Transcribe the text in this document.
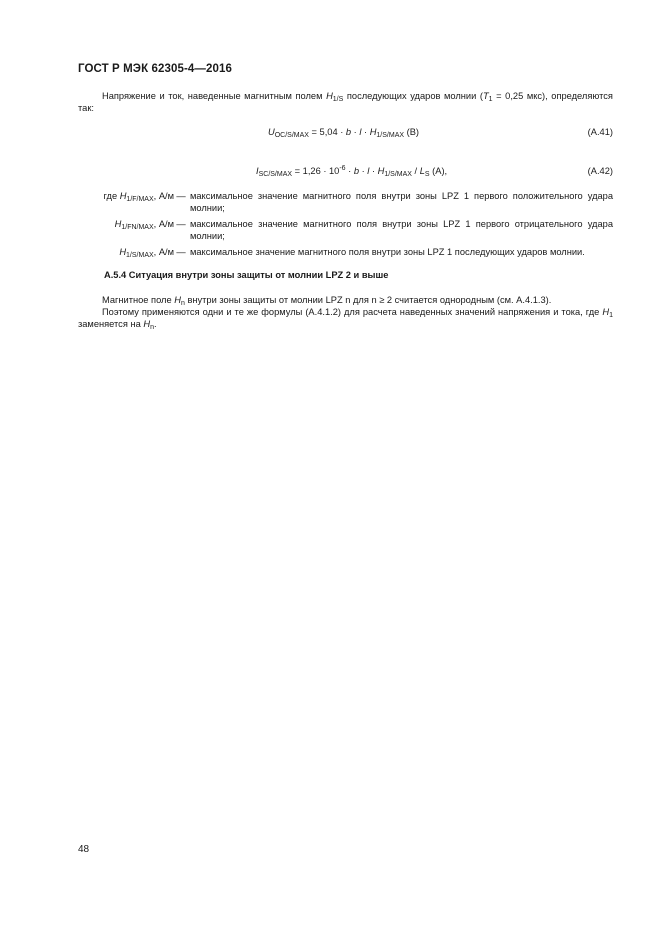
ГОСТ Р МЭК 62305-4—2016
Напряжение и ток, наведенные магнитным полем $H_{1/S}$ последующих ударов молнии ($T_1 = 0,25$ мкс), определяются так:
$U_{OC/S/MAX} = 5,04 \cdot b \cdot l \cdot H_{1/S/MAX}$ (В)	(A.41)
$I_{SC/S/MAX} = 1,26 \cdot 10^{-6} \cdot b \cdot l \cdot H_{1/S/MAX} / L_S$ (А),	(A.42)
где $H_{1/F/MAX}$, А/м — максимальное значение магнитного поля внутри зоны LPZ 1 первого положительного удара молнии;
$H_{1/FN/MAX}$, А/м — максимальное значение магнитного поля внутри зоны LPZ 1 первого отрицательного удара молнии;
$H_{1/S/MAX}$, А/м — максимальное значение магнитного поля внутри зоны LPZ 1 последующих ударов молнии.
A.5.4 Ситуация внутри зоны защиты от молнии LPZ 2 и выше
Магнитное поле $H_n$ внутри зоны защиты от молнии LPZ n для n ≥ 2 считается однородным (см. A.4.1.3).
Поэтому применяются одни и те же формулы (A.4.1.2) для расчета наведенных значений напряжения и тока, где $H_1$ заменяется на $H_n$.
48
